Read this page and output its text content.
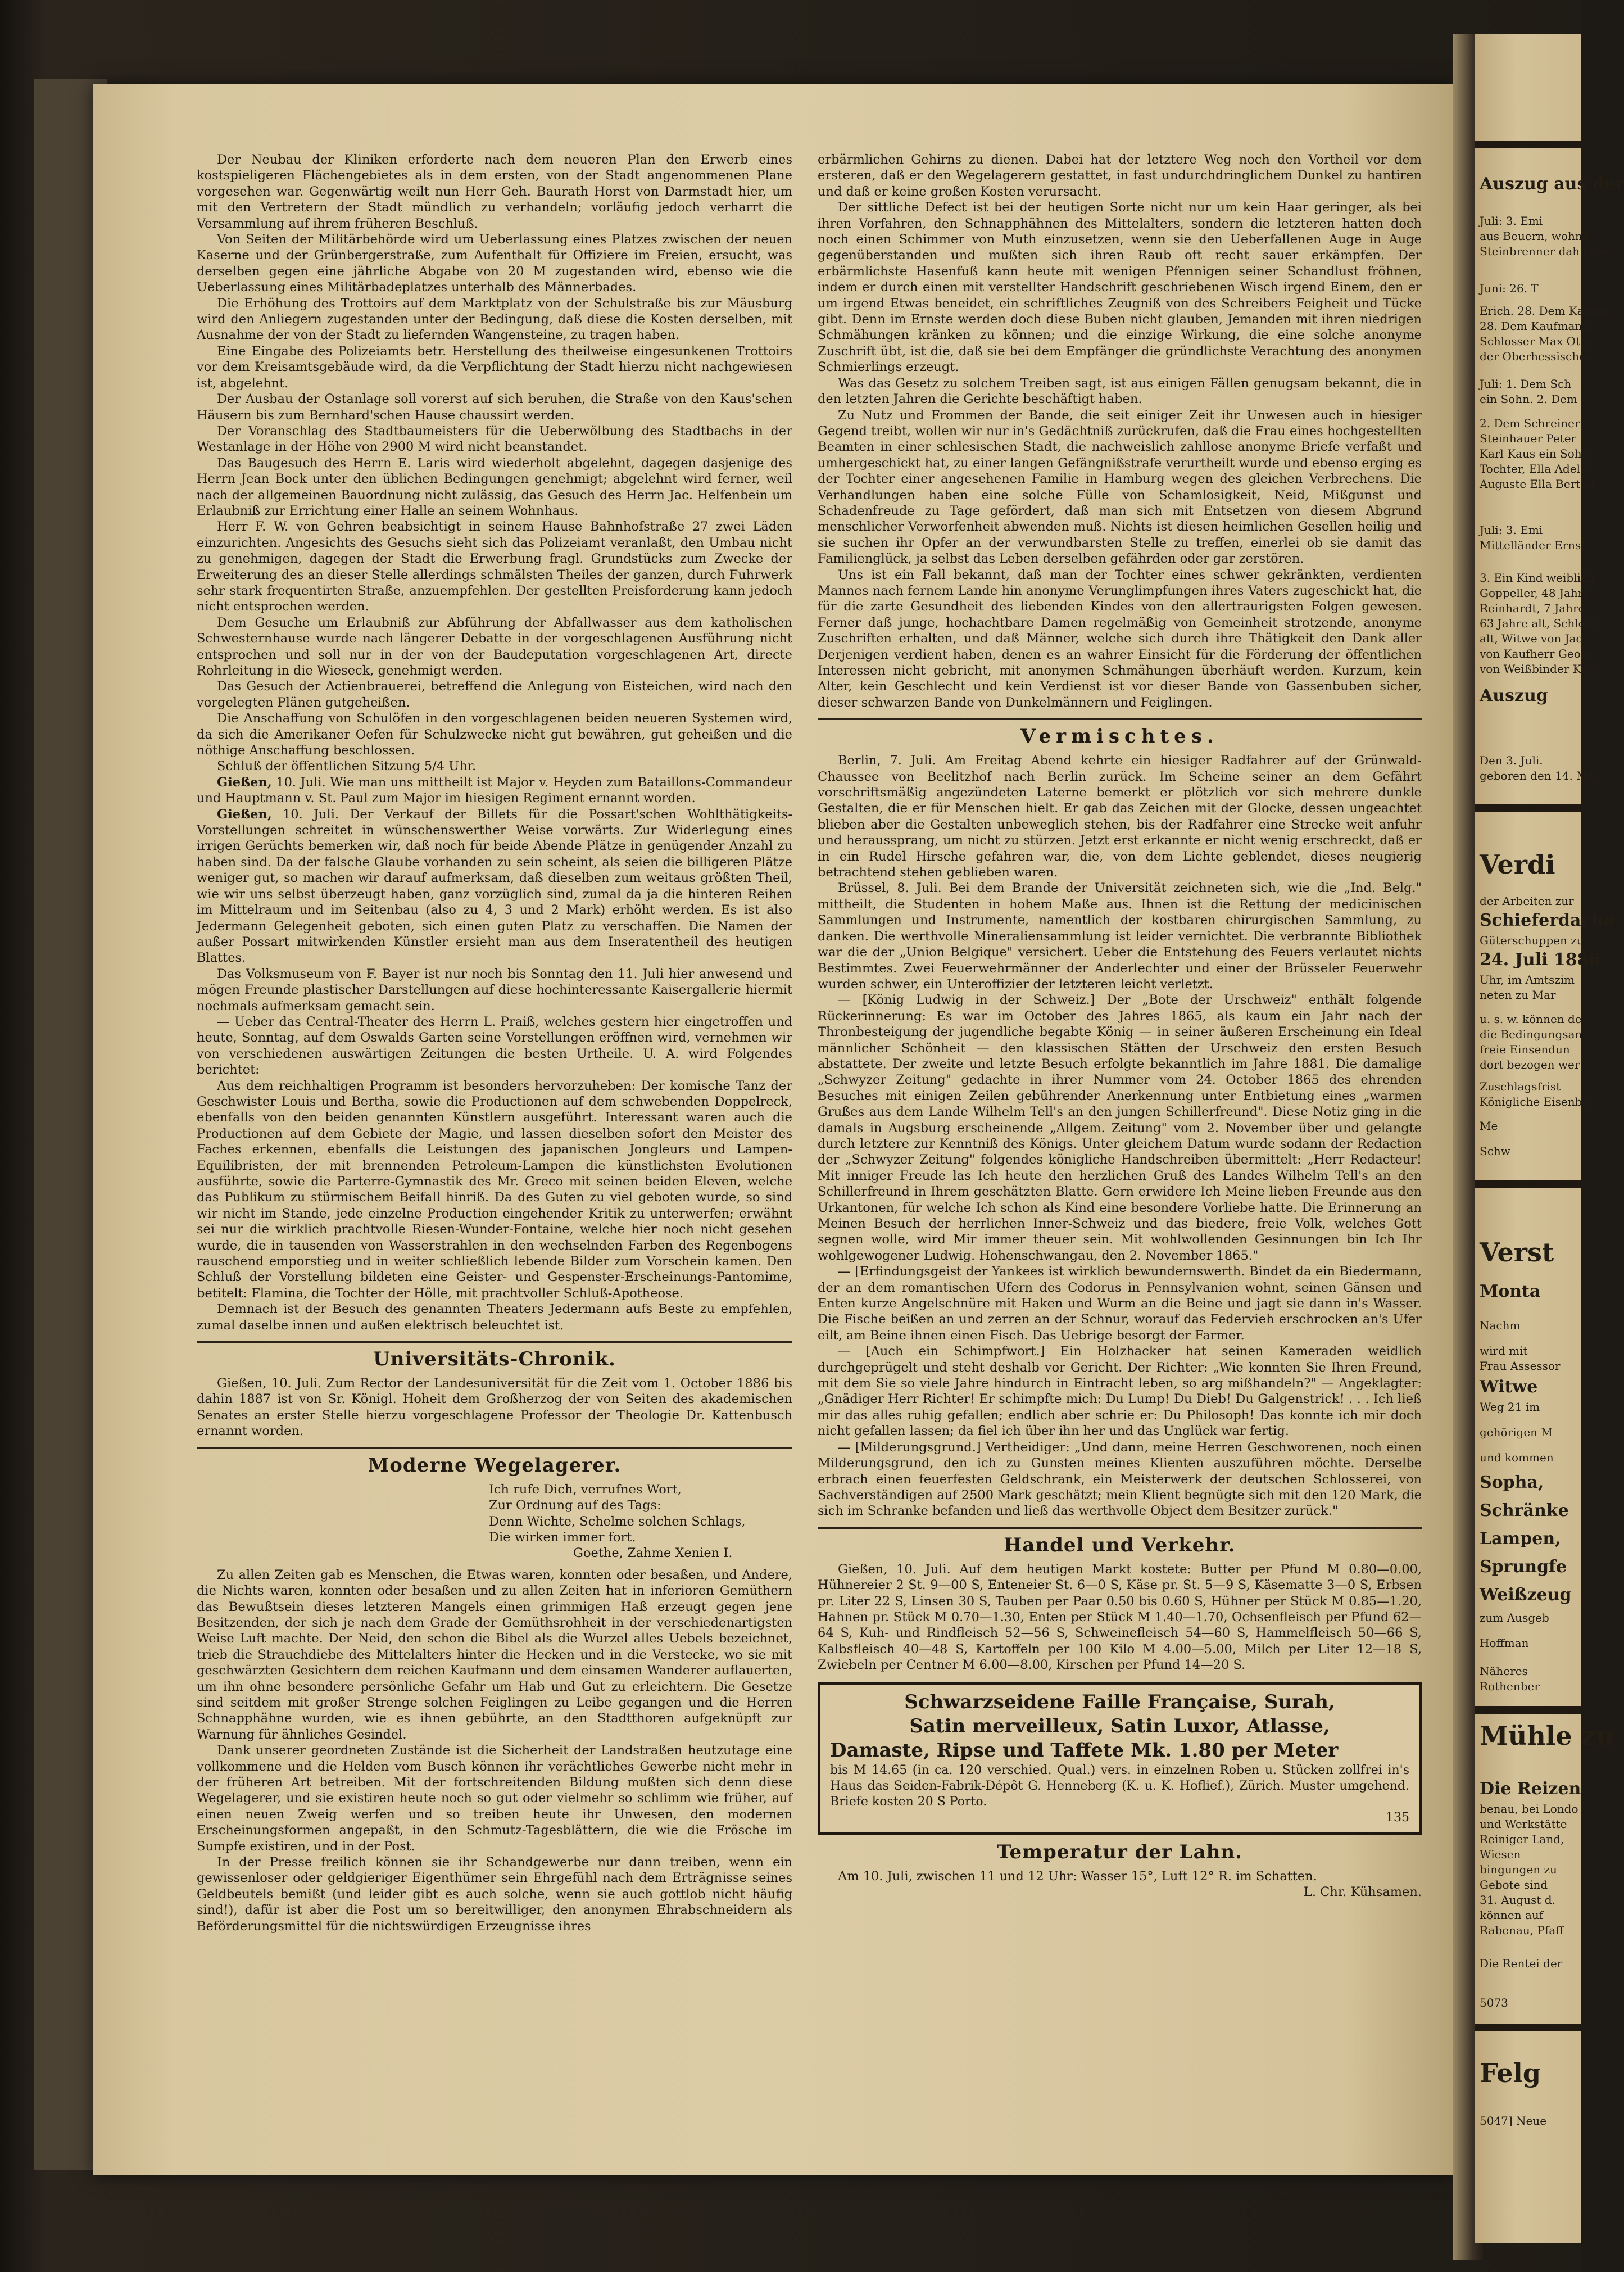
Der Neubau der Kliniken erforderte nach dem neueren Plan den Erwerb eines kostspieligeren Flächengebietes als in dem ersten, von der Stadt angenommenen Plane vorgesehen war. Gegenwärtig weilt nun Herr Geh. Baurath Horst von Darmstadt hier, um mit den Vertretern der Stadt mündlich zu verhandeln; vorläufig jedoch verharrt die Versammlung auf ihrem früheren Beschluß.

Von Seiten der Militärbehörde wird um Ueberlassung eines Platzes zwischen der neuen Kaserne und der Grünbergerstraße, zum Aufenthalt für Offiziere im Freien, ersucht, was derselben gegen eine jährliche Abgabe von 20 M zugestanden wird, ebenso wie die Ueberlassung eines Militärbadeplatzes unterhalb des Männerbades.

Die Erhöhung des Trottoirs auf dem Marktplatz von der Schulstraße bis zur Mäusburg wird den Anliegern zugestanden unter der Bedingung, daß diese die Kosten derselben, mit Ausnahme der von der Stadt zu liefernden Wangensteine, zu tragen haben.

Eine Eingabe des Polizeiamts betr. Herstellung des theilweise eingesunkenen Trottoirs vor dem Kreisamtsgebäude wird, da die Verpflichtung der Stadt hierzu nicht nachgewiesen ist, abgelehnt.

Der Ausbau der Ostanlage soll vorerst auf sich beruhen, die Straße von den Kaus'schen Häusern bis zum Bernhard'schen Hause chaussirt werden.

Der Voranschlag des Stadtbaumeisters für die Ueberwölbung des Stadtbachs in der Westanlage in der Höhe von 2900 M wird nicht beanstandet.

Das Baugesuch des Herrn E. Laris wird wiederholt abgelehnt, dagegen dasjenige des Herrn Jean Bock unter den üblichen Bedingungen genehmigt; abgelehnt wird ferner, weil nach der allgemeinen Bauordnung nicht zulässig, das Gesuch des Herrn Jac. Helfenbein um Erlaubniß zur Errichtung einer Halle an seinem Wohnhaus.

Herr F. W. von Gehren beabsichtigt in seinem Hause Bahnhofstraße 27 zwei Läden einzurichten. Angesichts des Gesuchs sieht sich das Polizeiamt veranlaßt, den Umbau nicht zu genehmigen, dagegen der Stadt die Erwerbung fragl. Grundstücks zum Zwecke der Erweiterung des an dieser Stelle allerdings schmälsten Theiles der ganzen, durch Fuhrwerk sehr stark frequentirten Straße, anzuempfehlen. Der gestellten Preisforderung kann jedoch nicht entsprochen werden.

Dem Gesuche um Erlaubniß zur Abführung der Abfallwasser aus dem katholischen Schwesternhause wurde nach längerer Debatte in der vorgeschlagenen Ausführung nicht entsprochen und soll nur in der von der Baudeputation vorgeschlagenen Art, directe Rohrleitung in die Wieseck, genehmigt werden.

Das Gesuch der Actienbrauerei, betreffend die Anlegung von Eisteichen, wird nach den vorgelegten Plänen gutgeheißen.

Die Anschaffung von Schulöfen in den vorgeschlagenen beiden neueren Systemen wird, da sich die Amerikaner Oefen für Schulzwecke nicht gut bewähren, gut geheißen und die nöthige Anschaffung beschlossen.

Schluß der öffentlichen Sitzung 5/4 Uhr.

Gießen, 10. Juli. Wie man uns mittheilt ist Major v. Heyden zum Bataillons-Commandeur und Hauptmann v. St. Paul zum Major im hiesigen Regiment ernannt worden.

Gießen, 10. Juli. Der Verkauf der Billets für die Possart'schen Wohlthätigkeits-Vorstellungen schreitet in wünschenswerther Weise vorwärts. Zur Widerlegung eines irrigen Gerüchts bemerken wir, daß noch für beide Abende Plätze in genügender Anzahl zu haben sind. Da der falsche Glaube vorhanden zu sein scheint, als seien die billigeren Plätze weniger gut, so machen wir darauf aufmerksam, daß dieselben zum weitaus größten Theil, wie wir uns selbst überzeugt haben, ganz vorzüglich sind, zumal da ja die hinteren Reihen im Mittelraum und im Seitenbau (also zu 4, 3 und 2 Mark) erhöht werden. Es ist also Jedermann Gelegenheit geboten, sich einen guten Platz zu verschaffen. Die Namen der außer Possart mitwirkenden Künstler ersieht man aus dem Inseratentheil des heutigen Blattes.

Das Volksmuseum von F. Bayer ist nur noch bis Sonntag den 11. Juli hier anwesend und mögen Freunde plastischer Darstellungen auf diese hochinteressante Kaisergallerie hiermit nochmals aufmerksam gemacht sein.

— Ueber das Central-Theater des Herrn L. Praiß, welches gestern hier eingetroffen und heute, Sonntag, auf dem Oswalds Garten seine Vorstellungen eröffnen wird, vernehmen wir von verschiedenen auswärtigen Zeitungen die besten Urtheile. U. A. wird Folgendes berichtet:

Aus dem reichhaltigen Programm ist besonders hervorzuheben: Der komische Tanz der Geschwister Louis und Bertha, sowie die Productionen auf dem schwebenden Doppelreck, ebenfalls von den beiden genannten Künstlern ausgeführt. Interessant waren auch die Productionen auf dem Gebiete der Magie, und lassen dieselben sofort den Meister des Faches erkennen, ebenfalls die Leistungen des japanischen Jongleurs und Lampen-Equilibristen, der mit brennenden Petroleum-Lampen die künstlichsten Evolutionen ausführte, sowie die Parterre-Gymnastik des Mr. Greco mit seinen beiden Eleven, welche das Publikum zu stürmischem Beifall hinriß. Da des Guten zu viel geboten wurde, so sind wir nicht im Stande, jede einzelne Production eingehender Kritik zu unterwerfen; erwähnt sei nur die wirklich prachtvolle Riesen-Wunder-Fontaine, welche hier noch nicht gesehen wurde, die in tausenden von Wasserstrahlen in den wechselnden Farben des Regenbogens rauschend emporstieg und in weiter schließlich lebende Bilder zum Vorschein kamen. Den Schluß der Vorstellung bildeten eine Geister- und Gespenster-Erscheinungs-Pantomime, betitelt: Flamina, die Tochter der Hölle, mit prachtvoller Schluß-Apotheose.

Demnach ist der Besuch des genannten Theaters Jedermann aufs Beste zu empfehlen, zumal daselbe innen und außen elektrisch beleuchtet ist.

Universitäts-Chronik.

Gießen, 10. Juli. Zum Rector der Landesuniversität für die Zeit vom 1. October 1886 bis dahin 1887 ist von Sr. Königl. Hoheit dem Großherzog der von Seiten des akademischen Senates an erster Stelle hierzu vorgeschlagene Professor der Theologie Dr. Kattenbusch ernannt worden.

Moderne Wegelagerer.

Ich rufe Dich, verrufnes Wort,

Zur Ordnung auf des Tags:

Denn Wichte, Schelme solchen Schlags,

Die wirken immer fort.

Goethe, Zahme Xenien I.

Zu allen Zeiten gab es Menschen, die Etwas waren, konnten oder besaßen, und Andere, die Nichts waren, konnten oder besaßen und zu allen Zeiten hat in inferioren Gemüthern das Bewußtsein dieses letzteren Mangels einen grimmigen Haß erzeugt gegen jene Besitzenden, der sich je nach dem Grade der Gemüthsrohheit in der verschiedenartigsten Weise Luft machte. Der Neid, den schon die Bibel als die Wurzel alles Uebels bezeichnet, trieb die Strauchdiebe des Mittelalters hinter die Hecken und in die Verstecke, wo sie mit geschwärzten Gesichtern dem reichen Kaufmann und dem einsamen Wanderer auflauerten, um ihn ohne besondere persönliche Gefahr um Hab und Gut zu erleichtern. Die Gesetze sind seitdem mit großer Strenge solchen Feiglingen zu Leibe gegangen und die Herren Schnapphähne wurden, wie es ihnen gebührte, an den Stadtthoren aufgeknüpft zur Warnung für ähnliches Gesindel.

Dank unserer geordneten Zustände ist die Sicherheit der Landstraßen heutzutage eine vollkommene und die Helden vom Busch können ihr verächtliches Gewerbe nicht mehr in der früheren Art betreiben. Mit der fortschreitenden Bildung mußten sich denn diese Wegelagerer, und sie existiren heute noch so gut oder vielmehr so schlimm wie früher, auf einen neuen Zweig werfen und so treiben heute ihr Unwesen, den modernen Erscheinungsformen angepaßt, in den Schmutz-Tagesblättern, die wie die Frösche im Sumpfe existiren, und in der Post.

In der Presse freilich können sie ihr Schandgewerbe nur dann treiben, wenn ein gewissenloser oder geldgieriger Eigenthümer sein Ehrgefühl nach dem Erträgnisse seines Geldbeutels bemißt (und leider gibt es auch solche, wenn sie auch gottlob nicht häufig sind!), dafür ist aber die Post um so bereitwilliger, den anonymen Ehrabschneidern als Beförderungsmittel für die nichtswürdigen Erzeugnisse ihres

erbärmlichen Gehirns zu dienen. Dabei hat der letztere Weg noch den Vortheil vor dem ersteren, daß er den Wegelagerern gestattet, in fast undurchdringlichem Dunkel zu hantiren und daß er keine großen Kosten verursacht.

Der sittliche Defect ist bei der heutigen Sorte nicht nur um kein Haar geringer, als bei ihren Vorfahren, den Schnapphähnen des Mittelalters, sondern die letzteren hatten doch noch einen Schimmer von Muth einzusetzen, wenn sie den Ueberfallenen Auge in Auge gegenüberstanden und mußten sich ihren Raub oft recht sauer erkämpfen. Der erbärmlichste Hasenfuß kann heute mit wenigen Pfennigen seiner Schandlust fröhnen, indem er durch einen mit verstellter Handschrift geschriebenen Wisch irgend Einem, den er um irgend Etwas beneidet, ein schriftliches Zeugniß von des Schreibers Feigheit und Tücke gibt. Denn im Ernste werden doch diese Buben nicht glauben, Jemanden mit ihren niedrigen Schmähungen kränken zu können; und die einzige Wirkung, die eine solche anonyme Zuschrift übt, ist die, daß sie bei dem Empfänger die gründlichste Verachtung des anonymen Schmierlings erzeugt.

Was das Gesetz zu solchem Treiben sagt, ist aus einigen Fällen genugsam bekannt, die in den letzten Jahren die Gerichte beschäftigt haben.

Zu Nutz und Frommen der Bande, die seit einiger Zeit ihr Unwesen auch in hiesiger Gegend treibt, wollen wir nur in's Gedächtniß zurückrufen, daß die Frau eines hochgestellten Beamten in einer schlesischen Stadt, die nachweislich zahllose anonyme Briefe verfaßt und umhergeschickt hat, zu einer langen Gefängnißstrafe verurtheilt wurde und ebenso erging es der Tochter einer angesehenen Familie in Hamburg wegen des gleichen Verbrechens. Die Verhandlungen haben eine solche Fülle von Schamlosigkeit, Neid, Mißgunst und Schadenfreude zu Tage gefördert, daß man sich mit Entsetzen von diesem Abgrund menschlicher Verworfenheit abwenden muß. Nichts ist diesen heimlichen Gesellen heilig und sie suchen ihr Opfer an der verwundbarsten Stelle zu treffen, einerlei ob sie damit das Familienglück, ja selbst das Leben derselben gefährden oder gar zerstören.

Uns ist ein Fall bekannt, daß man der Tochter eines schwer gekränkten, verdienten Mannes nach fernem Lande hin anonyme Verunglimpfungen ihres Vaters zugeschickt hat, die für die zarte Gesundheit des liebenden Kindes von den allertraurigsten Folgen gewesen. Ferner daß junge, hochachtbare Damen regelmäßig von Gemeinheit strotzende, anonyme Zuschriften erhalten, und daß Männer, welche sich durch ihre Thätigkeit den Dank aller Derjenigen verdient haben, denen es an wahrer Einsicht für die Förderung der öffentlichen Interessen nicht gebricht, mit anonymen Schmähungen überhäuft werden. Kurzum, kein Alter, kein Geschlecht und kein Verdienst ist vor dieser Bande von Gassenbuben sicher, dieser schwarzen Bande von Dunkelmännern und Feiglingen.

Vermischtes.

Berlin, 7. Juli. Am Freitag Abend kehrte ein hiesiger Radfahrer auf der Grünwald-Chaussee von Beelitzhof nach Berlin zurück. Im Scheine seiner an dem Gefährt vorschriftsmäßig angezündeten Laterne bemerkt er plötzlich vor sich mehrere dunkle Gestalten, die er für Menschen hielt. Er gab das Zeichen mit der Glocke, dessen ungeachtet blieben aber die Gestalten unbeweglich stehen, bis der Radfahrer eine Strecke weit anfuhr und heraussprang, um nicht zu stürzen. Jetzt erst erkannte er nicht wenig erschreckt, daß er in ein Rudel Hirsche gefahren war, die, von dem Lichte geblendet, dieses neugierig betrachtend stehen geblieben waren.

Brüssel, 8. Juli. Bei dem Brande der Universität zeichneten sich, wie die „Ind. Belg." mittheilt, die Studenten in hohem Maße aus. Ihnen ist die Rettung der medicinischen Sammlungen und Instrumente, namentlich der kostbaren chirurgischen Sammlung, zu danken. Die werthvolle Mineraliensammlung ist leider vernichtet. Die verbrannte Bibliothek war die der „Union Belgique" versichert. Ueber die Entstehung des Feuers verlautet nichts Bestimmtes. Zwei Feuerwehrmänner der Anderlechter und einer der Brüsseler Feuerwehr wurden schwer, ein Unteroffizier der letzteren leicht verletzt.

— [König Ludwig in der Schweiz.] Der „Bote der Urschweiz" enthält folgende Rückerinnerung: Es war im October des Jahres 1865, als kaum ein Jahr nach der Thronbesteigung der jugendliche begabte König — in seiner äußeren Erscheinung ein Ideal männlicher Schönheit — den klassischen Stätten der Urschweiz den ersten Besuch abstattete. Der zweite und letzte Besuch erfolgte bekanntlich im Jahre 1881. Die damalige „Schwyzer Zeitung" gedachte in ihrer Nummer vom 24. October 1865 des ehrenden Besuches mit einigen Zeilen gebührender Anerkennung unter Entbietung eines „warmen Grußes aus dem Lande Wilhelm Tell's an den jungen Schillerfreund". Diese Notiz ging in die damals in Augsburg erscheinende „Allgem. Zeitung" vom 2. November über und gelangte durch letztere zur Kenntniß des Königs. Unter gleichem Datum wurde sodann der Redaction der „Schwyzer Zeitung" folgendes königliche Handschreiben übermittelt: „Herr Redacteur! Mit inniger Freude las Ich heute den herzlichen Gruß des Landes Wilhelm Tell's an den Schillerfreund in Ihrem geschätzten Blatte. Gern erwidere Ich Meine lieben Freunde aus den Urkantonen, für welche Ich schon als Kind eine besondere Vorliebe hatte. Die Erinnerung an Meinen Besuch der herrlichen Inner-Schweiz und das biedere, freie Volk, welches Gott segnen wolle, wird Mir immer theuer sein. Mit wohlwollenden Gesinnungen bin Ich Ihr wohlgewogener Ludwig. Hohenschwangau, den 2. November 1865."

— [Erfindungsgeist der Yankees ist wirklich bewundernswerth. Bindet da ein Biedermann, der an dem romantischen Ufern des Codorus in Pennsylvanien wohnt, seinen Gänsen und Enten kurze Angelschnüre mit Haken und Wurm an die Beine und jagt sie dann in's Wasser. Die Fische beißen an und zerren an der Schnur, worauf das Federvieh erschrocken an's Ufer eilt, am Beine ihnen einen Fisch. Das Uebrige besorgt der Farmer.

— [Auch ein Schimpfwort.] Ein Holzhacker hat seinen Kameraden weidlich durchgeprügelt und steht deshalb vor Gericht. Der Richter: „Wie konnten Sie Ihren Freund, mit dem Sie so viele Jahre hindurch in Eintracht leben, so arg mißhandeln?" — Angeklagter: „Gnädiger Herr Richter! Er schimpfte mich: Du Lump! Du Dieb! Du Galgenstrick! . . . Ich ließ mir das alles ruhig gefallen; endlich aber schrie er: Du Philosoph! Das konnte ich mir doch nicht gefallen lassen; da fiel ich über ihn her und das Unglück war fertig.

— [Milderungsgrund.] Vertheidiger: „Und dann, meine Herren Geschworenen, noch einen Milderungsgrund, den ich zu Gunsten meines Klienten auszuführen möchte. Derselbe erbrach einen feuerfesten Geldschrank, ein Meisterwerk der deutschen Schlosserei, von Sachverständigen auf 2500 Mark geschätzt; mein Klient begnügte sich mit den 120 Mark, die sich im Schranke befanden und ließ das werthvolle Object dem Besitzer zurück."

Handel und Verkehr.

Gießen, 10. Juli. Auf dem heutigen Markt kostete: Butter per Pfund M 0.80—0.00, Hühnereier 2 St. 9—00 S, Enteneier St. 6—0 S, Käse pr. St. 5—9 S, Käsematte 3—0 S, Erbsen pr. Liter 22 S, Linsen 30 S, Tauben per Paar 0.50 bis 0.60 S, Hühner per Stück M 0.85—1.20, Hahnen pr. Stück M 0.70—1.30, Enten per Stück M 1.40—1.70, Ochsenfleisch per Pfund 62—64 S, Kuh- und Rindfleisch 52—56 S, Schweinefleisch 54—60 S, Hammelfleisch 50—66 S, Kalbsfleisch 40—48 S, Kartoffeln per 100 Kilo M 4.00—5.00, Milch per Liter 12—18 S, Zwiebeln per Centner M 6.00—8.00, Kirschen per Pfund 14—20 S.

Schwarzseidene Faille Française, Surah,
Satin merveilleux, Satin Luxor, Atlasse,
Damaste, Ripse und Taffete Mk. 1.80 per Meter
bis M 14.65 (in ca. 120 verschied. Qual.) vers. in einzelnen Roben u. Stücken zollfrei in's Haus das Seiden-Fabrik-Dépôt G. Henneberg (K. u. K. Hoflief.), Zürich. Muster umgehend. Briefe kosten 20 S Porto.
135
Temperatur der Lahn.

Am 10. Juli, zwischen 11 und 12 Uhr: Wasser 15°, Luft 12° R. im Schatten.

L. Chr. Kühsamen.

Auszug aus der
Juli: 3. Emi
aus Beuern, wohnh
Steinbrenner dahier w
Juni: 26. T
Erich. 28. Dem Kaufm
28. Dem Kaufmann
Schlosser Max Otto
der Oberhessischen
Juli: 1. Dem Sch
ein Sohn. 2. Dem
2. Dem Schreiner
Steinhauer Peter
Karl Kaus ein Sohn
Tochter, Ella Adele
Auguste Ella Bertha
Juli: 3. Emi
Mittelländer Ernst
3. Ein Kind weiblich
Goppeller, 48 Jahre
Reinhardt, 7 Jahre
63 Jahre alt, Schloss
alt, Witwe von Jac
von Kaufherr Georg
von Weißbinder Kari
Auszug
Den 3. Juli.
geboren den 14. Ma
Verdi
der Arbeiten zur
Schieferdache
Güterschuppen zu
24. Juli 1886
Uhr, im Amtszim
neten zu Mar
u. s. w. können de
die Bedingungsan
freie Einsendun
dort bezogen wer
Zuschlagsfrist
Königliche Eisenba
Me
Schw
Verst
Monta
Nachm
wird mit
Frau Assessor
Witwe
Weg 21 im
gehörigen M
und kommen
Sopha,
Schränke
Lampen,
Sprungfe
Weißzeug
zum Ausgeb
Hoffman
Näheres
Rothenber
Mühle zu
Die Reizen
benau, bei Londo
und Werkstätte
Reiniger Land,
Wiesen
bingungen zu
Gebote sind
31. August d.
können auf
Rabenau, Pfaff
Die Rentei der
5073
Felg
5047] Neue
